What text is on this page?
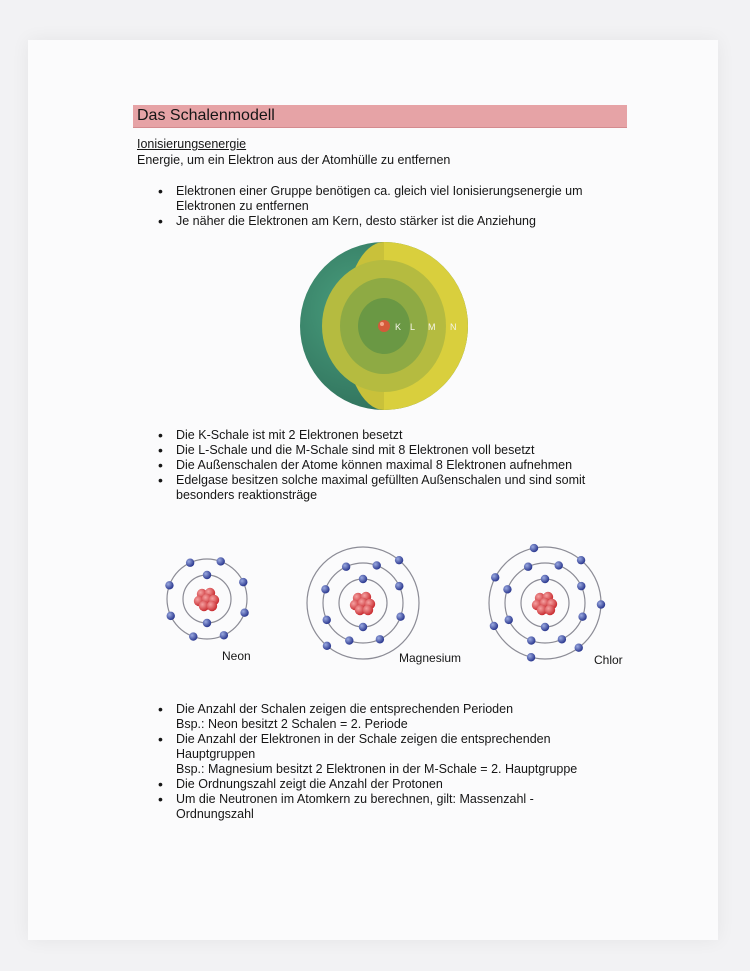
Das Schalenmodell
Ionisierungsenergie
Energie, um ein Elektron aus der Atomhülle zu entfernen
• Elektronen einer Gruppe benötigen ca. gleich viel Ionisierungsenergie um Elektronen zu entfernen
• Je näher die Elektronen am Kern, desto stärker ist die Anziehung
K L M N
• Die K-Schale ist mit 2 Elektronen besetzt
• Die L-Schale und die M-Schale sind mit 8 Elektronen voll besetzt
• Die Außenschalen der Atome können maximal 8 Elektronen aufnehmen
• Edelgase besitzen solche maximal gefüllten Außenschalen und sind somit besonders reaktionsträge
Neon	Magnesium	Chlor
• Die Anzahl der Schalen zeigen die entsprechenden Perioden
Bsp.: Neon besitzt 2 Schalen = 2. Periode
• Die Anzahl der Elektronen in der Schale zeigen die entsprechenden Hauptgruppen
Bsp.: Magnesium besitzt 2 Elektronen in der M-Schale = 2. Hauptgruppe
• Die Ordnungszahl zeigt die Anzahl der Protonen
• Um die Neutronen im Atomkern zu berechnen, gilt: Massenzahl - Ordnungszahl
